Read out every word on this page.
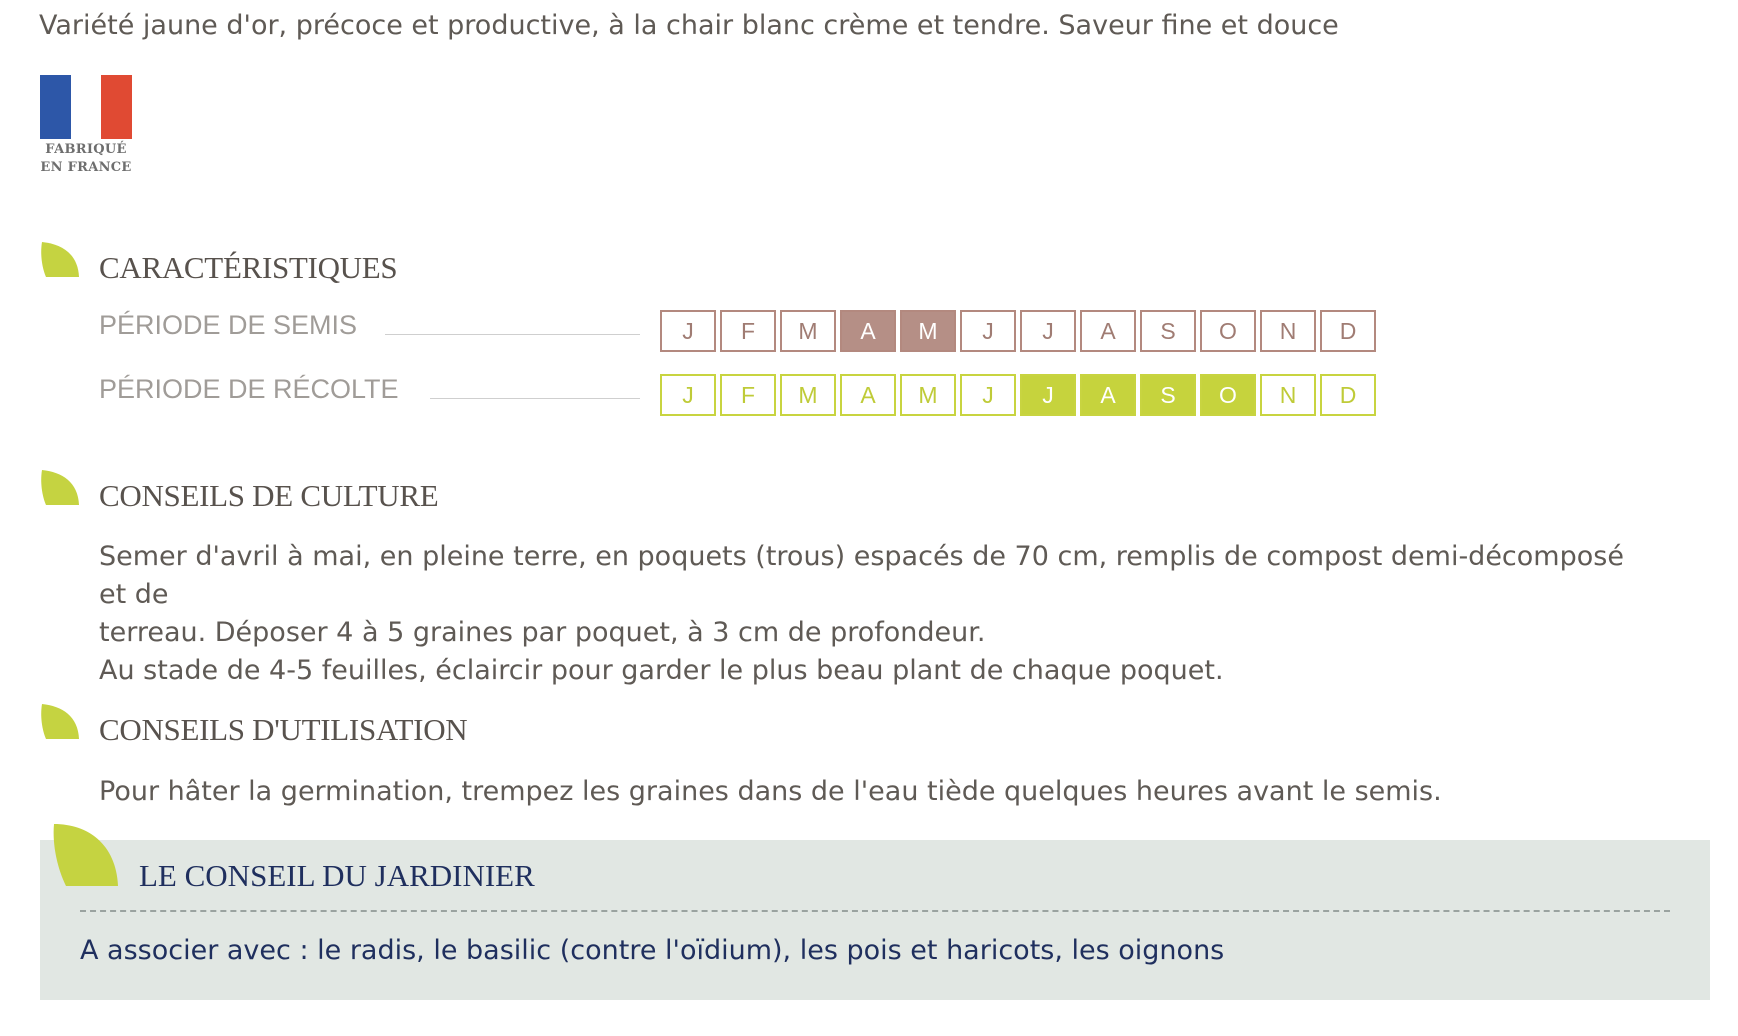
Variété jaune d'or, précoce et productive, à la chair blanc crème et tendre. Saveur fine et douce
FABRIQUÉ
EN FRANCE
CARACTÉRISTIQUES
PÉRIODE DE SEMIS	J	F	M	A	M	J	J	A	S	O	N	D
PÉRIODE DE RÉCOLTE	J	F	M	A	M	J	J	A	S	O	N	D
CONSEILS DE CULTURE
Semer d'avril à mai, en pleine terre, en poquets (trous) espacés de 70 cm, remplis de compost demi-décomposé et de
terreau. Déposer 4 à 5 graines par poquet, à 3 cm de profondeur.
Au stade de 4-5 feuilles, éclaircir pour garder le plus beau plant de chaque poquet.
CONSEILS D'UTILISATION
Pour hâter la germination, trempez les graines dans de l'eau tiède quelques heures avant le semis.
LE CONSEIL DU JARDINIER
A associer avec : le radis, le basilic (contre l'oïdium), les pois et haricots, les oignons
